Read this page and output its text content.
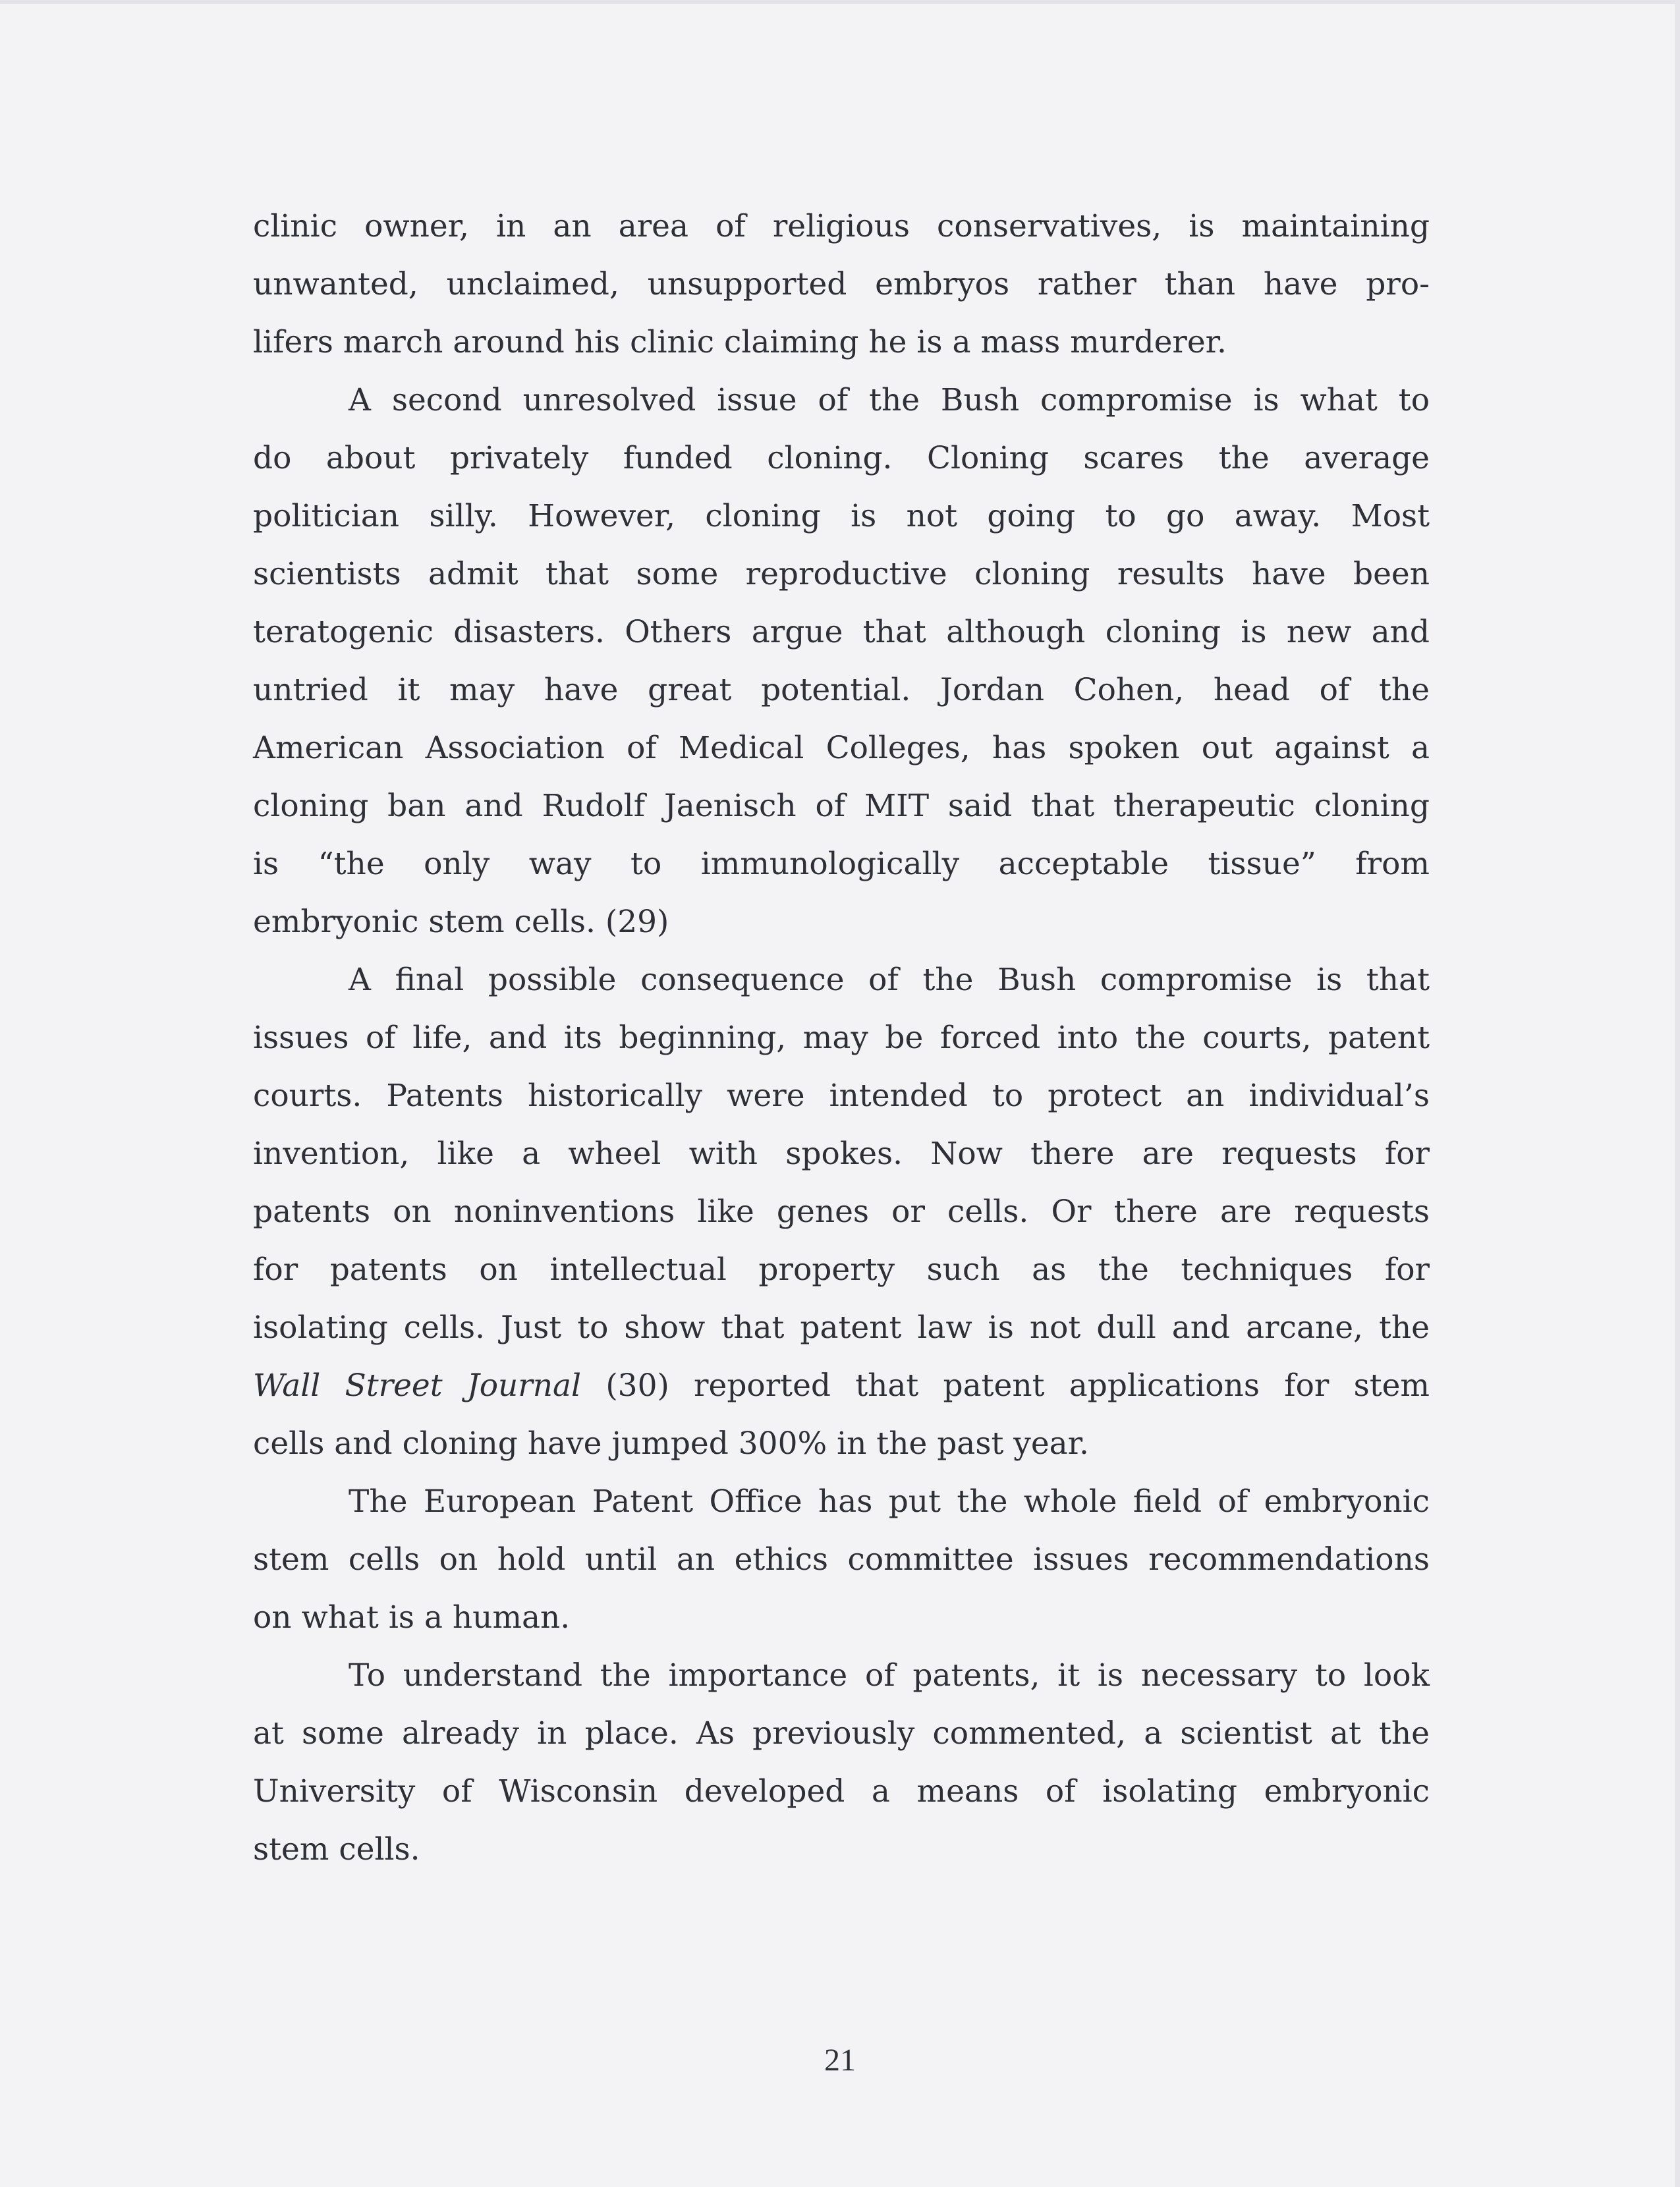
clinic owner, in an area of religious conservatives, is maintaining
unwanted, unclaimed, unsupported embryos rather than have pro-
lifers march around his clinic claiming he is a mass murderer.
A second unresolved issue of the Bush compromise is what to
do about privately funded cloning. Cloning scares the average
politician silly. However, cloning is not going to go away. Most
scientists admit that some reproductive cloning results have been
teratogenic disasters. Others argue that although cloning is new and
untried it may have great potential. Jordan Cohen, head of the
American Association of Medical Colleges, has spoken out against a
cloning ban and Rudolf Jaenisch of MIT said that therapeutic cloning
is “the only way to immunologically acceptable tissue” from
embryonic stem cells. (29)
A final possible consequence of the Bush compromise is that
issues of life, and its beginning, may be forced into the courts, patent
courts. Patents historically were intended to protect an individual’s
invention, like a wheel with spokes. Now there are requests for
patents on noninventions like genes or cells. Or there are requests
for patents on intellectual property such as the techniques for
isolating cells. Just to show that patent law is not dull and arcane, the
Wall Street Journal (30) reported that patent applications for stem
cells and cloning have jumped 300% in the past year.
The European Patent Office has put the whole field of embryonic
stem cells on hold until an ethics committee issues recommendations
on what is a human.
To understand the importance of patents, it is necessary to look
at some already in place. As previously commented, a scientist at the
University of Wisconsin developed a means of isolating embryonic
stem cells.
21
